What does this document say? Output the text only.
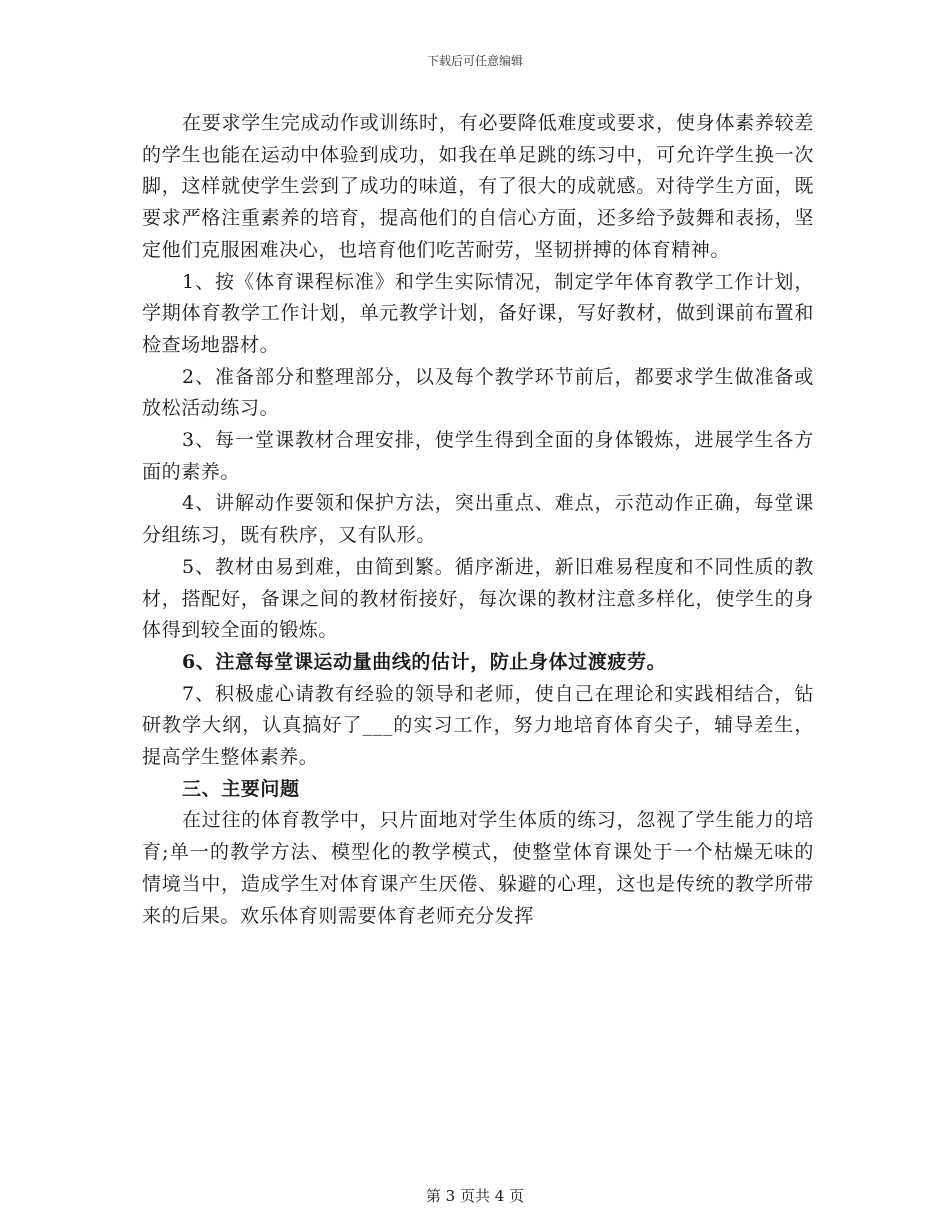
下载后可任意编辑

在要求学生完成动作或训练时，有必要降低难度或要求，使身体素养较差的学生也能在运动中体验到成功，如我在单足跳的练习中，可允许学生换一次脚，这样就使学生尝到了成功的味道，有了很大的成就感。对待学生方面，既要求严格注重素养的培育，提高他们的自信心方面，还多给予鼓舞和表扬，坚定他们克服困难决心，也培育他们吃苦耐劳，坚韧拼搏的体育精神。

1、按《体育课程标准》和学生实际情况，制定学年体育教学工作计划，学期体育教学工作计划，单元教学计划，备好课，写好教材，做到课前布置和检查场地器材。

2、准备部分和整理部分，以及每个教学环节前后，都要求学生做准备或放松活动练习。

3、每一堂课教材合理安排，使学生得到全面的身体锻炼，进展学生各方面的素养。

4、讲解动作要领和保护方法，突出重点、难点，示范动作正确，每堂课分组练习，既有秩序，又有队形。

5、教材由易到难，由简到繁。循序渐进，新旧难易程度和不同性质的教材，搭配好，备课之间的教材衔接好，每次课的教材注意多样化，使学生的身体得到较全面的锻炼。

6、注意每堂课运动量曲线的估计，防止身体过渡疲劳。

7、积极虚心请教有经验的领导和老师，使自己在理论和实践相结合，钻研教学大纲，认真搞好了___的实习工作，努力地培育体育尖子，辅导差生，提高学生整体素养。

三、主要问题

在过往的体育教学中，只片面地对学生体质的练习，忽视了学生能力的培育;单一的教学方法、模型化的教学模式，使整堂体育课处于一个枯燥无味的情境当中，造成学生对体育课产生厌倦、躲避的心理，这也是传统的教学所带来的后果。欢乐体育则需要体育老师充分发挥

第 3 页共 4 页
